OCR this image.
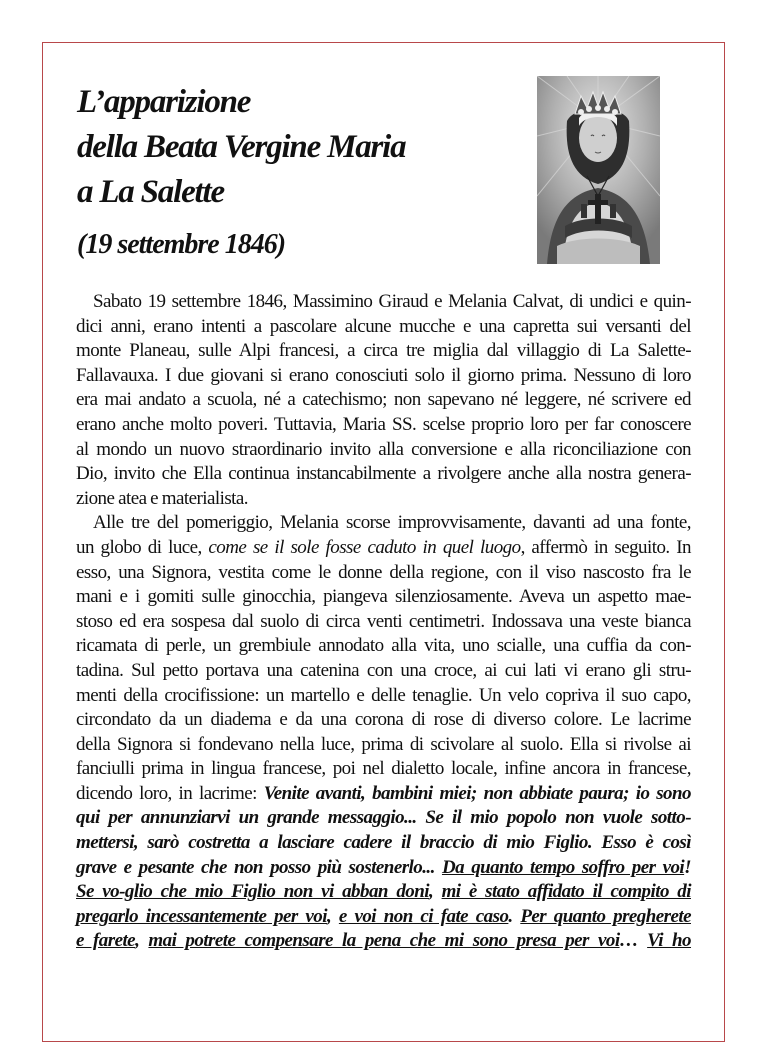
L’apparizione
della Beata Vergine Maria
a La Salette
(19 settembre 1846)
Sabato 19 settembre 1846, Massimino Giraud e Melania Calvat, di undici e quin-
dici anni, erano intenti a pascolare alcune mucche e una capretta sui versanti del
monte Planeau, sulle Alpi francesi, a circa tre miglia dal villaggio di La Salette-
Fallavauxa. I due giovani si erano conosciuti solo il giorno prima. Nessuno di loro
era mai andato a scuola, né a catechismo; non sapevano né leggere, né scrivere ed
erano anche molto poveri. Tuttavia, Maria SS. scelse proprio loro per far conoscere
al mondo un nuovo straordinario invito alla conversione e alla riconciliazione con
Dio, invito che Ella continua instancabilmente a rivolgere anche alla nostra genera-
zione atea e materialista.
Alle tre del pomeriggio, Melania scorse improvvisamente, davanti ad una fonte,
un globo di luce, come se il sole fosse caduto in quel luogo, affermò in seguito. In
esso, una Signora, vestita come le donne della regione, con il viso nascosto fra le
mani e i gomiti sulle ginocchia, piangeva silenziosamente. Aveva un aspetto mae-
stoso ed era sospesa dal suolo di circa venti centimetri. Indossava una veste bianca
ricamata di perle, un grembiule annodato alla vita, uno scialle, una cuffia da con-
tadina. Sul petto portava una catenina con una croce, ai cui lati vi erano gli stru-
menti della crocifissione: un martello e delle tenaglie. Un velo copriva il suo capo,
circondato da un diadema e da una corona di rose di diverso colore. Le lacrime
della Signora si fondevano nella luce, prima di scivolare al suolo. Ella si rivolse ai
fanciulli prima in lingua francese, poi nel dialetto locale, infine ancora in francese,
dicendo loro, in lacrime: Venite avanti, bambini miei; non abbiate paura; io sono
qui per annunziarvi un grande messaggio... Se il mio popolo non vuole sotto-
mettersi, sarò costretta a lasciare cadere il braccio di mio Figlio. Esso è così
grave e pesante che non posso più sostenerlo... Da quanto tempo soffro per voi!
Se vo-glio che mio Figlio non vi abban doni, mi è stato affidato il compito di
pregarlo incessantemente per voi, e voi non ci fate caso. Per quanto pregherete
e farete, mai potrete compensare la pena che mi sono presa per voi… Vi ho
